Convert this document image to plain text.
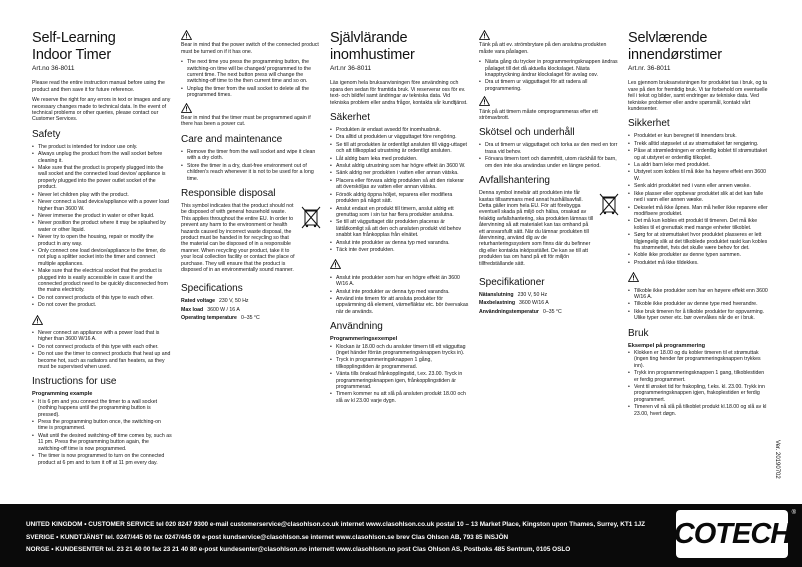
Self-Learning
Indoor Timer
Art.no 36-8011

Please read the entire instruction manual before using the product and then save it for future reference.

We reserve the right for any errors in text or images and any necessary changes made to technical data. In the event of technical problems or other queries, please contact our Customer Services.

Safety
• The product is intended for indoor use only.
• Always unplug the product from the wall socket before cleaning it.
• Make sure that the product is properly plugged into the wall socket and the connected load device/ appliance is properly plugged into the power outlet socket of the product.
• Never let children play with the product.
• Never connect a load device/appliance with a power load higher than 3600 W.
• Never immerse the product in water or other liquid.
• Never position the product where it may be splashed by water or other liquid.
• Never try to open the housing, repair or modify the product in any way.
• Only connect one load device/appliance to the timer, do not plug a splitter socket into the timer and connect multiple appliances.
• Make sure that the electrical socket that the product is plugged into is easily accessible in case it and the connected product need to be quickly disconnected from the mains electricity.
• Do not connect products of this type to each other.
• Do not cover the product.
• Never connect an appliance with a power load that is higher than 3600 W/16 A.
• Do not connect products of this type with each other.
• Do not use the timer to connect products that heat up and become hot, such as radiators and fan heaters, as they must be supervised when used.
Instructions for use
Programming example
• It is 6 pm and you connect the timer to a wall socket (nothing happens until the programming button is pressed).
• Press the programming button once, the switching-on time is programmed.
• Wait until the desired switching-off time comes by, such as 11 pm. Press the programming button again, the switching-off time is now programmed.
• The timer is now programmed to turn on the connected product at 6 pm and to turn it off at 11 pm every day.

Bear in mind that the power switch of the connected product must be turned on if it has one.

• The next time you press the programming button, the switching-on time will be changed/ programmed to the current time. The next button press will change the switching-off time to the then current time and so on.
• Unplug the timer from the wall socket to delete all the programmed times.

Bear in mind that the timer must be programmed again if there has been a power cut.

Care and maintenance
• Remove the timer from the wall socket and wipe it clean with a dry cloth.
• Store the timer in a dry, dust-free environment out of children's reach whenever it is not to be used for a long time.
Responsible disposal

This symbol indicates that the product should not be disposed of with general household waste. This applies throughout the entire EU. In order to prevent any harm to the environment or health hazards caused by incorrect waste disposal, the product must be handed in for recycling so that the material can be disposed of in a responsible manner. When recycling your product, take it to your local collection facility or contact the place of purchase. They will ensure that the product is disposed of in an environmentally sound manner.

Specifications
Rated voltage 230 V, 50 Hz
Max load 3600 W / 16 A
Operating temperature 0–35 °C
Självlärande
inomhustimer
Art.nr 36-8011

Läs igenom hela bruksanvisningen före användning och spara den sedan för framtida bruk. Vi reserverar oss för ev. text- och bildfel samt ändringar av tekniska data. Vid tekniska problem eller andra frågor, kontakta vår kundtjänst.

Säkerhet
• Produkten är endast avsedd för inomhusbruk.
• Dra alltid ut produkten ur vägguttaget före rengöring.
• Se till att produkten är ordentligt ansluten till vägg-uttaget och att tillkopplad utrustning är ordentligt ansluten.
• Låt aldrig barn leka med produkten.
• Anslut aldrig utrustning som har högre effekt än 3600 W.
• Sänk aldrig ner produkten i vatten eller annan vätska.
• Placera eller förvara aldrig produkten så att den riskerar att översköljas av vatten eller annan vätska.
• Försök aldrig öppna höljet, reparera eller modifiera produkten på något sätt.
• Anslut endast en produkt till timern, anslut aldrig ett grenuttag som i sin tur har flera produkter anslutna.
• Se till att vägguttaget där produkten placeras är lättåtkomligt så att den och ansluten produkt vid behov snabbt kan frånkopplas från elnätet.
• Anslut inte produkter av denna typ med varandra.
• Täck inte över produkten.
• Anslut inte produkter som har en högre effekt än 3600 W/16 A.
• Anslut inte produkter av denna typ med varandra.
• Använd inte timern för att ansluta produkter för uppvärmning då element, värmefläktar etc. bör övervakas när de används.
Användning
Programmeringsexempel
• Klockan är 18.00 och du ansluter timern till ett vägguttag (inget händer förrän programmeringsknappen trycks in).
• Tryck in programmeringsknappen 1 gång, tillkopplingstiden är programmerad.
• Vänta tills önskad frånkopplingstid, t.ex. 23.00. Tryck in programmeringsknappen igen, frånkopplingstiden är programmerad.
• Timern kommer nu att slå på ansluten produkt 18.00 och slå av kl 23.00 varje dygn.

Tänk på att ev. strömbrytare på den anslutna produkten måste vara påslagen.

• Nästa gång du trycker in programmeringsknappen ändras påslaget till det då aktuella klockslaget. Nästa knapptryckning ändrar klockslaget för avslag osv.
• Dra ut timern ur vägguttaget för att radera all programmering.

Tänk på att timern måste omprogrammeras efter ett strömavbrott.

Skötsel och underhåll
• Dra ut timern ur vägguttaget och torka av den med en torr trasa vid behov.
• Förvara timern torrt och dammfritt, utom räckhåll för barn, om den inte ska användas under en längre period.
Avfallshantering

Denna symbol innebär att produkten inte får kastas tillsammans med annat hushållsavfall. Detta gäller inom hela EU. För att förebygga eventuell skada på miljö och hälsa, orsakad av felaktig avfallshantering, ska produkten lämnas till återvinning så att materialet kan tas omhand på ett ansvarsfullt sätt. När du lämnar produkten till återvinning, använd dig av de returhanteringssystem som finns där du befinner dig eller kontakta inköpsstället. De kan se till att produkten tas om hand på ett för miljön tillfredställande sätt.

Specifikationer
Nätanslutning 230 V, 50 Hz
Maxbelastning 3600 W/16 A
Användningstemperatur 0–35 °C
Selvlærende
innendørstimer
Art.nr. 36-8011

Les gjennom bruksanvisningen for produktet tas i bruk, og ta vare på den for fremtidig bruk. Vi tar forbehold om eventuelle feil i tekst og bilder, samt endringer av tekniske data. Ved tekniske problemer eller andre spørsmål, kontakt vårt kundesenter.

Sikkerhet
• Produktet er kun beregnet til innendørs bruk.
• Trekk alltid støpselet ut av strømuttaket før rengjøring.
• Påse at strømledningen er ordentlig koblet til strømuttaket og at utstyret er ordentlig tilkoplet.
• La aldri barn leke med produktet.
• Utstyret som kobles til må ikke ha høyere effekt enn 3600 W.
• Senk aldri produktet ned i vann eller annen væske.
• Ikke plasser eller oppbevar produktet slik at det kan falle ned i vann eller annen væske.
• Dekselet må ikke åpnes. Man må heller ikke reparere eller modifisere produktet.
• Det må kun kobles ett produkt til timeren. Det må ikke kobles til et grenuttak med mange enheter tilkoblet.
• Sørg for at strømuttaket hvor produktet plasseres er lett tilgjengelig slik at det tilkoblede produktet raskt kan kobles fra strømnettet, hvis det skulle være behov for det.
• Koble ikke produkter av denne typen sammen.
• Produktet må ikke tildekkes.
• Tilkoble ikke produkter som har en høyere effekt enn 3600 W/16 A.
• Tilkoble ikke produkter av denne type med hverandre.
• Ikke bruk timeren for å tilkoble produkter for oppvarming. Ulike typer ovner etc. bør overvåkes når de er i bruk.
Bruk
Eksempel på programmering
• Klokken er 18.00 og du kobler timeren til et strømuttak (ingen ting hender før programmeringsknappen trykkes inn).
• Trykk inn programmeringsknappen 1 gang, tilkoblestiden er ferdig programmert.
• Vent til ønsket tid for frakopling, f.eks. kl. 23.00. Trykk inn programmeringsknappen igjen, frakoplestiden er ferdig programmert.
• Timeren vil nå slå på tilkoblet produkt kl.18.00 og slå av kl 23.00, hvert døgn.
Ver. 20190702
UNITED KINGDOM • CUSTOMER SERVICE tel 020 8247 9300 e-mail customerservice@clasohlson.co.uk internet www.clasohlson.co.uk postal 10 – 13 Market Place, Kingston upon Thames, Surrey, KT1 1JZ
SVERIGE • KUNDTJÄNST tel. 0247/445 00 fax 0247/445 09 e-post kundservice@clasohlson.se internet www.clasohlson.se brev Clas Ohlson AB, 793 85 INSJÖN
NORGE • KUNDESENTER tel. 23 21 40 00 fax 23 21 40 80 e-post kundesenter@clasohlson.no internett www.clasohlson.no post Clas Ohlson AS, Postboks 485 Sentrum, 0105 OSLO	COTECH
®
